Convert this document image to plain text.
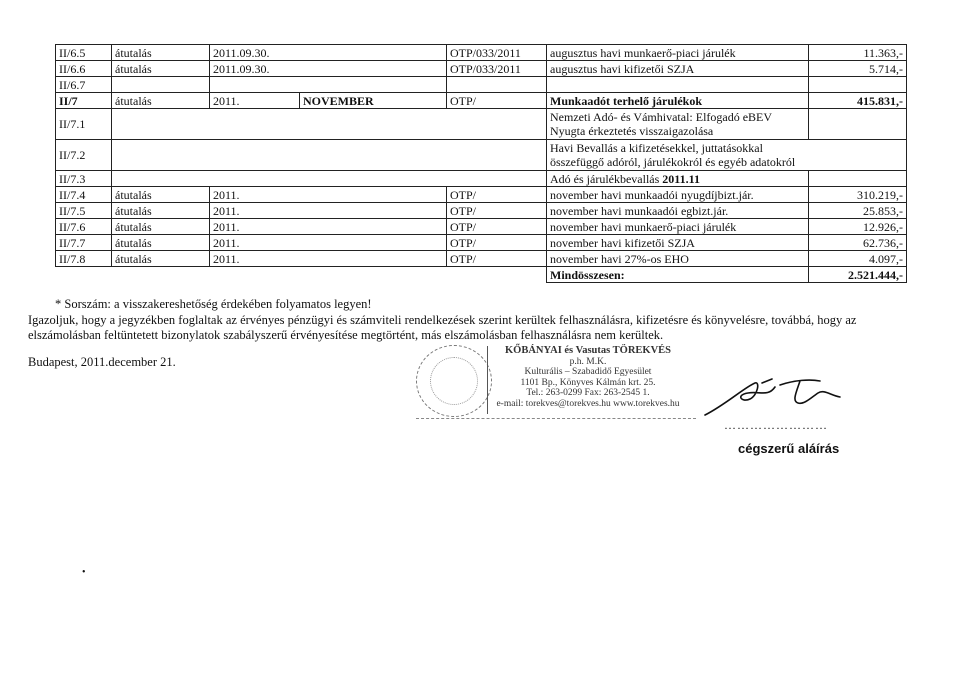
II/6.5	átutalás	2011.09.30.		OTP/033/2011	augusztus havi munkaerő-piaci járulék	11.363,-
II/6.6	átutalás	2011.09.30.		OTP/033/2011	augusztus havi kifizetői SZJA	5.714,-
II/6.7						
II/7	átutalás	2011.	NOVEMBER	OTP/	Munkaadót terhelő járulékok	415.831,-
II/7.1					Nemzeti Adó- és Vámhivatal: Elfogadó eBEV
Nyugta érkeztetés visszaigazolása	

II/7.2					Havi Bevallás a kifizetésekkel, juttatásokkal
összefüggő adóról, járulékokról és egyéb adatokról	

II/7.3					Adó és járulékbevallás 2011.11	
II/7.4	átutalás	2011.		OTP/	november havi munkaadói nyugdíjbizt.jár.	310.219,-
II/7.5	átutalás	2011.		OTP/	november havi munkaadói egbizt.jár.	25.853,-
II/7.6	átutalás	2011.		OTP/	november havi munkaerő-piaci járulék	12.926,-
II/7.7	átutalás	2011.		OTP/	november havi kifizetői SZJA	62.736,-
II/7.8	átutalás	2011.		OTP/	november havi 27%-os EHO	4.097,-
					Mindösszesen:	2.521.444,-
* Sorszám: a visszakereshetőség érdekében folyamatos legyen!
Igazoljuk, hogy a jegyzékben foglaltak az érvényes pénzügyi és számviteli rendelkezések szerint kerültek felhasználásra, kifizetésre és könyvelésre, továbbá, hogy az elszámolásban feltüntetett bizonylatok szabályszerű érvényesítése megtörtént, más elszámolásban felhasználásra nem kerültek.
Budapest, 2011.december 21.
KŐBÁNYAI és Vasutas TÖREKVÉS
p.h. M.K.
Kulturális – Szabadidő Egyesület
1101 Bp., Könyves Kálmán krt. 25.
Tel.: 263-0299 Fax: 263-2545 1.
e-mail: torekves@torekves.hu www.torekves.hu
……………………
cégszerű aláírás
•
